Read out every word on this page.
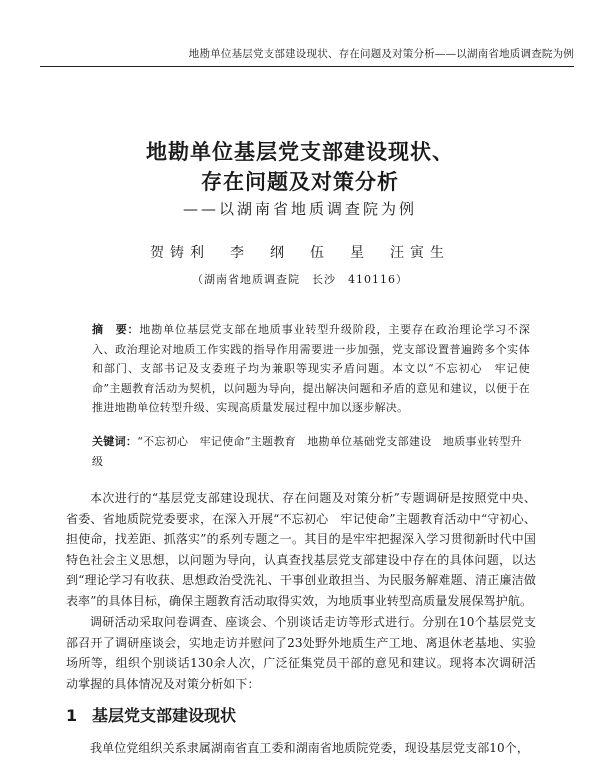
地勘单位基层党支部建设现状、存在问题及对策分析——以湖南省地质调查院为例
地勘单位基层党支部建设现状、
存在问题及对策分析
——以湖南省地质调查院为例
贺铸利　李　纲　伍　星　汪寅生
（湖南省地质调查院　长沙　410116）
摘　要：地勘单位基层党支部在地质事业转型升级阶段，主要存在政治理论学习不深入、政治理论对地质工作实践的指导作用需要进一步加强，党支部设置普遍跨多个实体和部门、支部书记及支委班子均为兼职等现实矛盾问题。本文以“不忘初心　牢记使命”主题教育活动为契机，以问题为导向，提出解决问题和矛盾的意见和建议，以便于在推进地勘单位转型升级、实现高质量发展过程中加以逐步解决。
关键词：“不忘初心　牢记使命”主题教育　地勘单位基础党支部建设　地质事业转型升级
本次进行的“基层党支部建设现状、存在问题及对策分析”专题调研是按照党中央、省委、省地质院党委要求，在深入开展“不忘初心　牢记使命”主题教育活动中“守初心、担使命，找差距、抓落实”的系列专题之一。其目的是牢牢把握深入学习贯彻新时代中国特色社会主义思想，以问题为导向，认真查找基层党支部建设中存在的具体问题，以达到“理论学习有收获、思想政治受洗礼、干事创业敢担当、为民服务解难题、清正廉洁做表率”的具体目标，确保主题教育活动取得实效，为地质事业转型高质量发展保驾护航。
调研活动采取问卷调查、座谈会、个别谈话走访等形式进行。分别在10个基层党支部召开了调研座谈会，实地走访并慰问了23处野外地质生产工地、离退休老基地、实验场所等，组织个别谈话130余人次，广泛征集党员干部的意见和建议。现将本次调研活动掌握的具体情况及对策分析如下：
1 基层党支部建设现状
我单位党组织关系隶属湖南省直工委和湖南省地质院党委，现设基层党支部10个，
